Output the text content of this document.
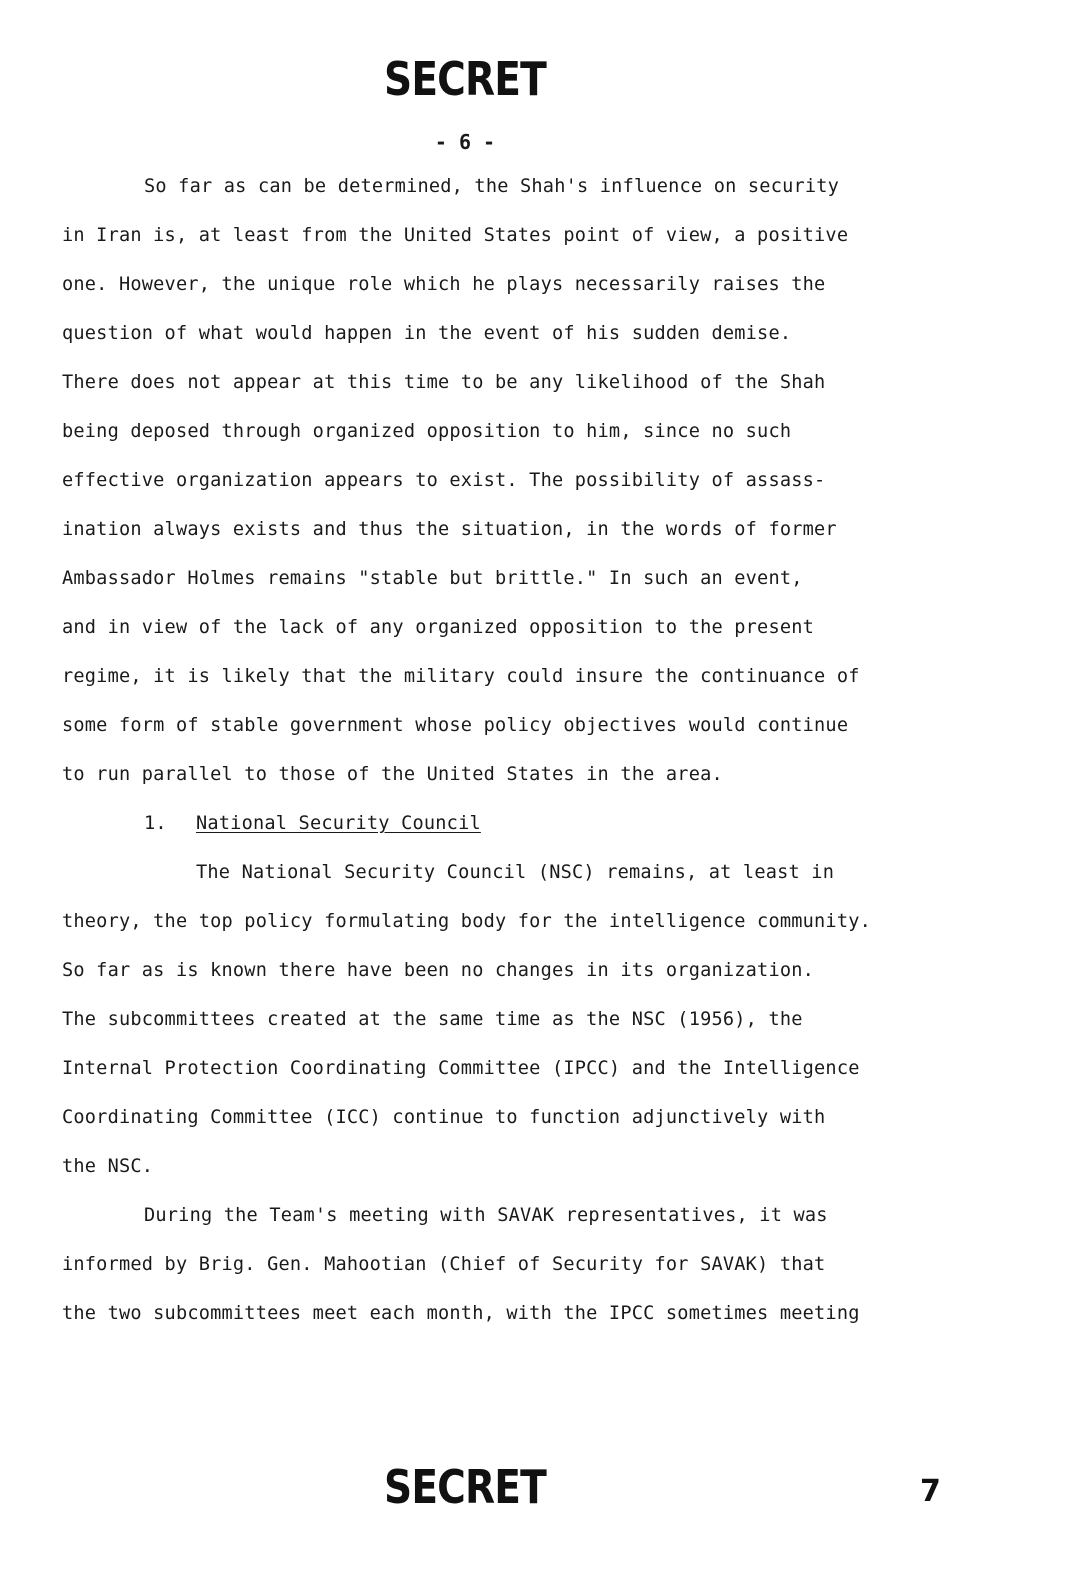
SECRET
- 6 -
So far as can be determined, the Shah's influence on security
in Iran is, at least from the United States point of view, a positive
one. However, the unique role which he plays necessarily raises the
question of what would happen in the event of his sudden demise.
There does not appear at this time to be any likelihood of the Shah
being deposed through organized opposition to him, since no such
effective organization appears to exist. The possibility of assass-
ination always exists and thus the situation, in the words of former
Ambassador Holmes remains "stable but brittle." In such an event,
and in view of the lack of any organized opposition to the present
regime, it is likely that the military could insure the continuance of
some form of stable government whose policy objectives would continue
to run parallel to those of the United States in the area.
1. National Security Council
The National Security Council (NSC) remains, at least in
theory, the top policy formulating body for the intelligence community.
So far as is known there have been no changes in its organization.
The subcommittees created at the same time as the NSC (1956), the
Internal Protection Coordinating Committee (IPCC) and the Intelligence
Coordinating Committee (ICC) continue to function adjunctively with
the NSC.
During the Team's meeting with SAVAK representatives, it was
informed by Brig. Gen. Mahootian (Chief of Security for SAVAK) that
the two subcommittees meet each month, with the IPCC sometimes meeting
SECRET	7
